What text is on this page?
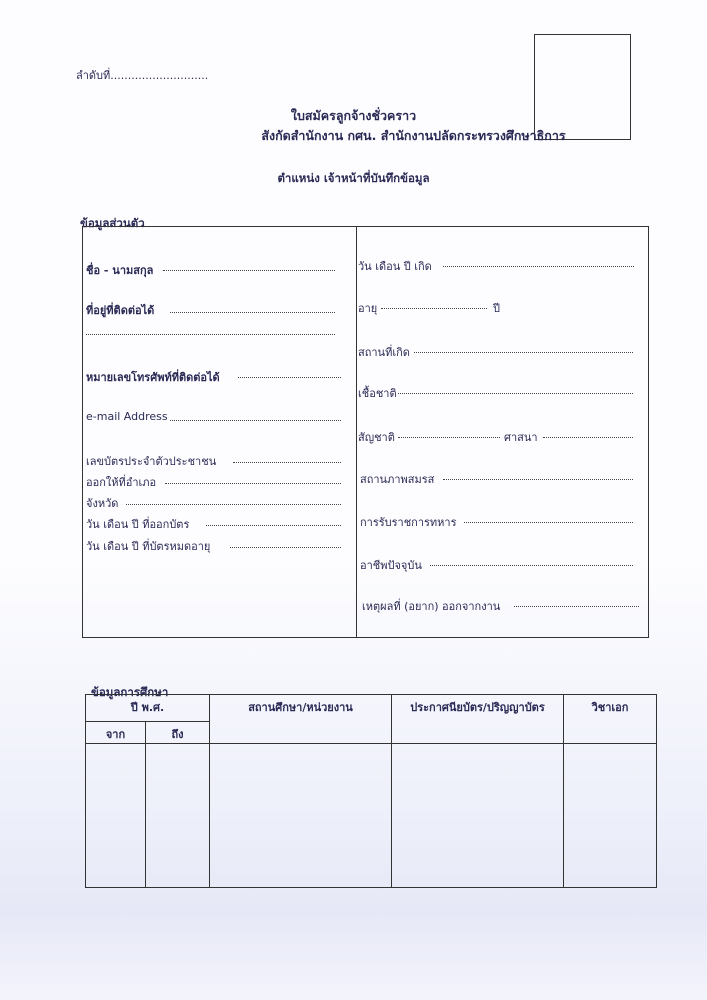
ลำดับที่............................
ใบสมัครลูกจ้างชั่วคราว
สังกัดสำนักงาน กศน. สำนักงานปลัดกระทรวงศึกษาธิการ
ตำแหน่ง เจ้าหน้าที่บันทึกข้อมูล
ข้อมูลส่วนตัว
ชื่อ - นามสกุล
ที่อยู่ที่ติดต่อได้
หมายเลขโทรศัพท์ที่ติดต่อได้
e-mail Address
เลขบัตรประจำตัวประชาชน
ออกให้ที่อำเภอ
จังหวัด
วัน เดือน ปี ที่ออกบัตร
วัน เดือน ปี ที่บัตรหมดอายุ
วัน เดือน ปี เกิด
อายุ	ปี
สถานที่เกิด
เชื้อชาติ
สัญชาติ	ศาสนา
สถานภาพสมรส
การรับราชการทหาร
อาชีพปัจจุบัน
เหตุผลที่ (อยาก) ออกจากงาน
ข้อมูลการศึกษา
ปี พ.ศ.		สถานศึกษา/หน่วยงาน	ประกาศนียบัตร/ปริญญาบัตร	วิชาเอก
จาก	ถึง			
